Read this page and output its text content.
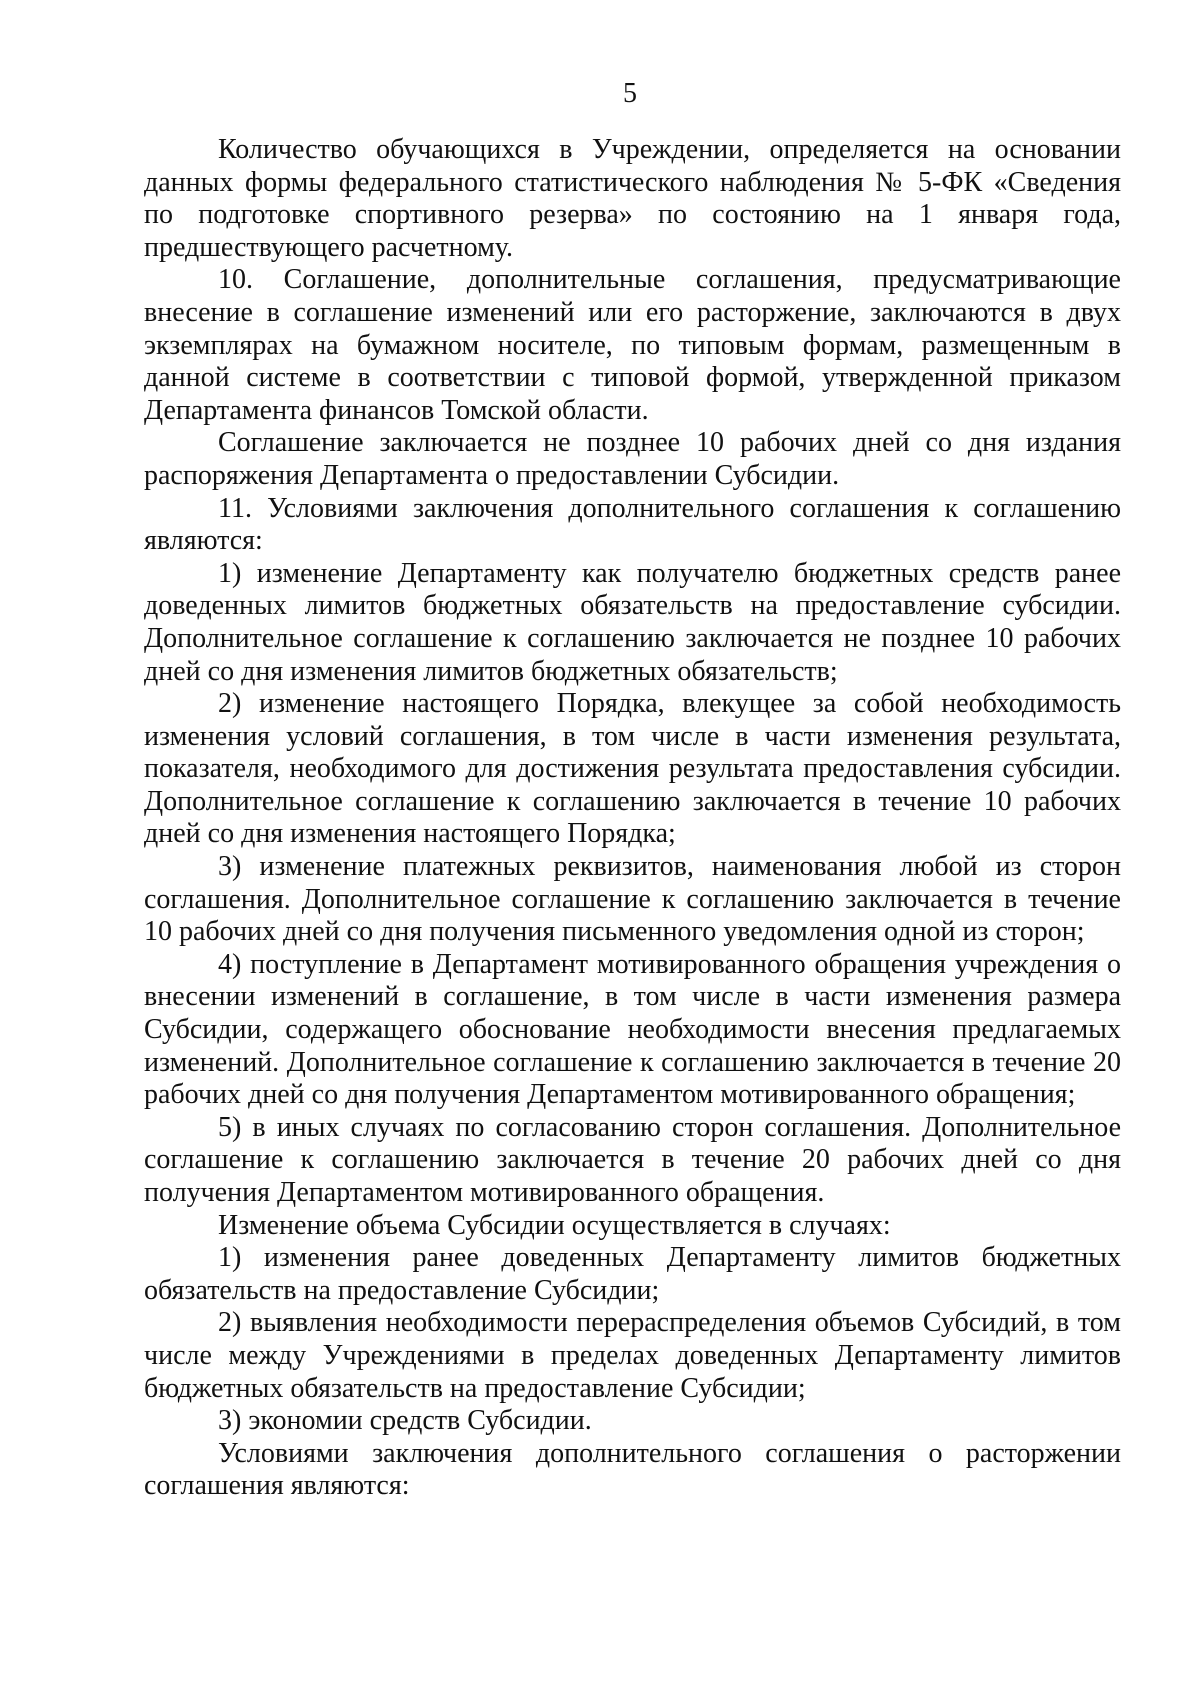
5

Количество обучающихся в Учреждении, определяется на основании данных формы федерального статистического наблюдения № 5-ФК «Сведения по подготовке спортивного резерва» по состоянию на 1 января года, предшествующего расчетному.

10. Соглашение, дополнительные соглашения, предусматривающие внесение в соглашение изменений или его расторжение, заключаются в двух экземплярах на бумажном носителе, по типовым формам, размещенным в данной системе в соответствии с типовой формой, утвержденной приказом Департамента финансов Томской области.

Соглашение заключается не позднее 10 рабочих дней со дня издания распоряжения Департамента о предоставлении Субсидии.

11. Условиями заключения дополнительного соглашения к соглашению являются:

1) изменение Департаменту как получателю бюджетных средств ранее доведенных лимитов бюджетных обязательств на предоставление субсидии. Дополнительное соглашение к соглашению заключается не позднее 10 рабочих дней со дня изменения лимитов бюджетных обязательств;

2) изменение настоящего Порядка, влекущее за собой необходимость изменения условий соглашения, в том числе в части изменения результата, показателя, необходимого для достижения результата предоставления субсидии. Дополнительное соглашение к соглашению заключается в течение 10 рабочих дней со дня изменения настоящего Порядка;

3) изменение платежных реквизитов, наименования любой из сторон соглашения. Дополнительное соглашение к соглашению заключается в течение 10 рабочих дней со дня получения письменного уведомления одной из сторон;

4) поступление в Департамент мотивированного обращения учреждения о внесении изменений в соглашение, в том числе в части изменения размера Субсидии, содержащего обоснование необходимости внесения предлагаемых изменений. Дополнительное соглашение к соглашению заключается в течение 20 рабочих дней со дня получения Департаментом мотивированного обращения;

5) в иных случаях по согласованию сторон соглашения. Дополнительное соглашение к соглашению заключается в течение 20 рабочих дней со дня получения Департаментом мотивированного обращения.

Изменение объема Субсидии осуществляется в случаях:

1) изменения ранее доведенных Департаменту лимитов бюджетных обязательств на предоставление Субсидии;

2) выявления необходимости перераспределения объемов Субсидий, в том числе между Учреждениями в пределах доведенных Департаменту лимитов бюджетных обязательств на предоставление Субсидии;

3) экономии средств Субсидии.

Условиями заключения дополнительного соглашения о расторжении соглашения являются:
